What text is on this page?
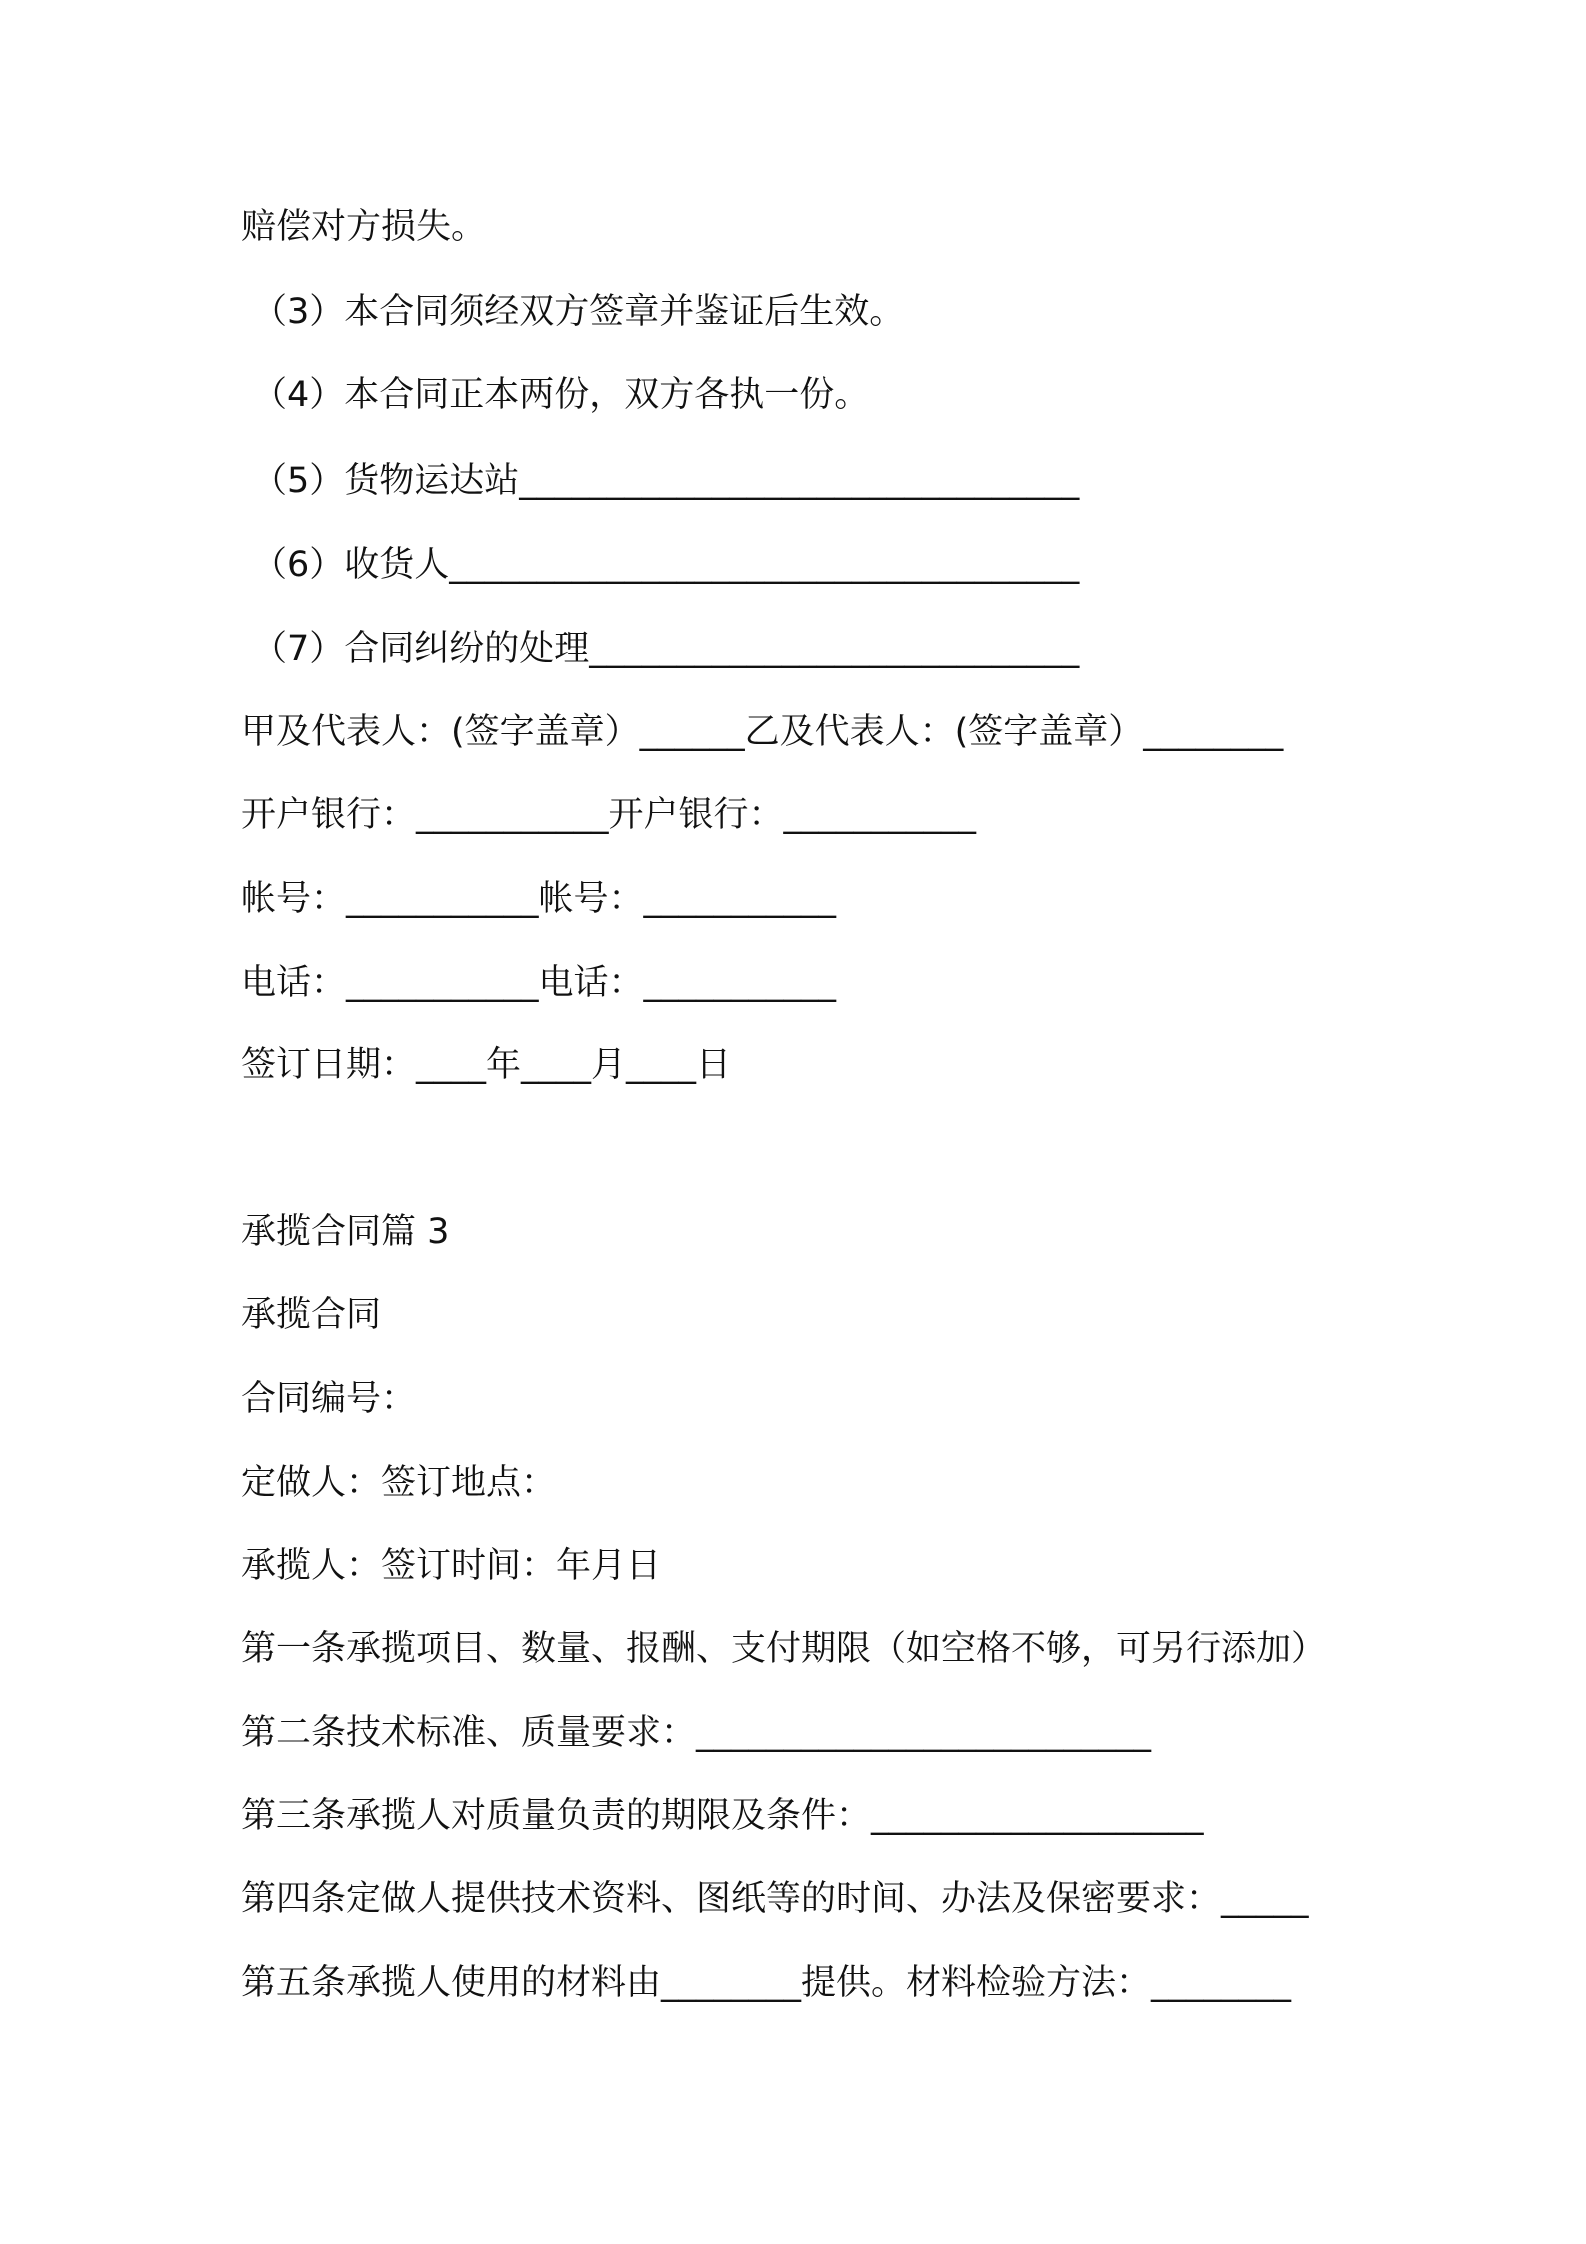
赔偿对方损失。
（3）本合同须经双方签章并鉴证后生效。
（4）本合同正本两份，双方各执一份。
（5）货物运达站________________________________
（6）收货人____________________________________
（7）合同纠纷的处理____________________________
甲及代表人：(签字盖章）______乙及代表人：(签字盖章）________
开户银行：___________开户银行：___________
帐号：___________帐号：___________
电话：___________电话：___________
签订日期：____年____月____日
承揽合同篇 3
承揽合同
合同编号：
定做人：签订地点：
承揽人：签订时间：年月日
第一条承揽项目、数量、报酬、支付期限（如空格不够，可另行添加）
第二条技术标准、质量要求：__________________________
第三条承揽人对质量负责的期限及条件：___________________
第四条定做人提供技术资料、图纸等的时间、办法及保密要求：_____
第五条承揽人使用的材料由________提供。材料检验方法：________
